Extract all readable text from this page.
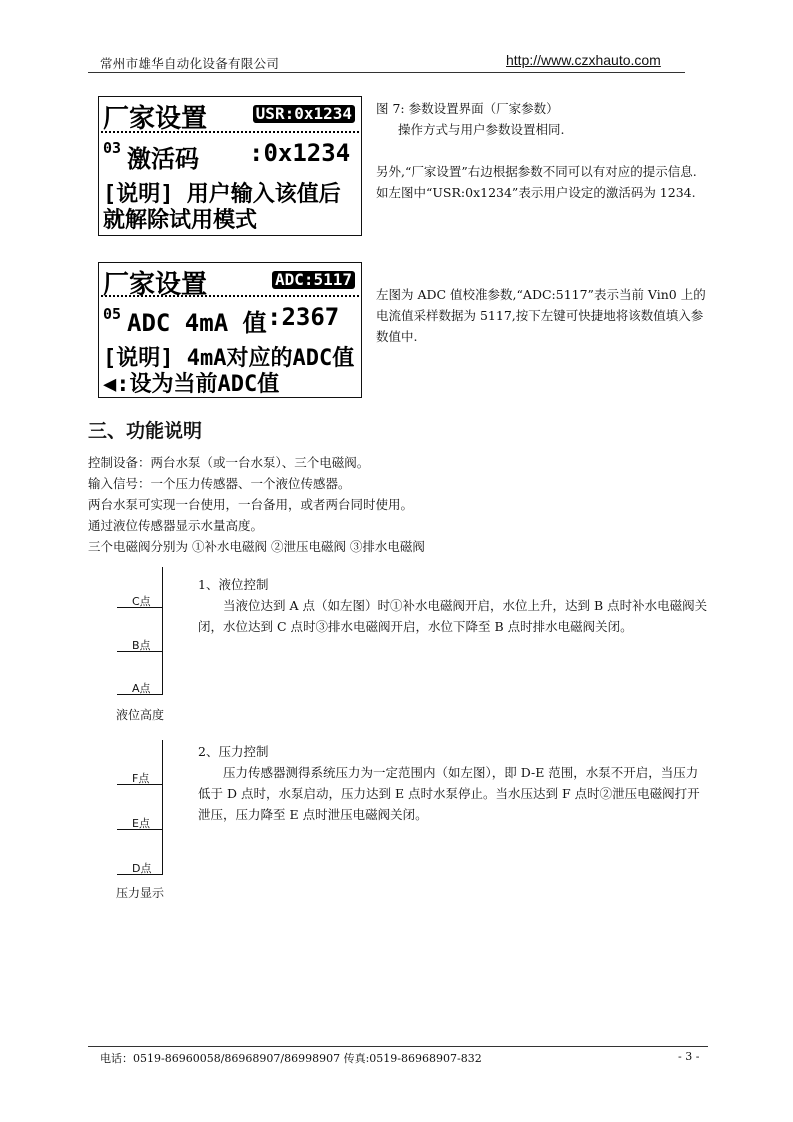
常州市雄华自动化设备有限公司	http://www.czxhauto.com
厂家设置	USR:0x1234
03 激活码 :0x1234
[说明] 用户输入该值后
就解除试用模式
厂家设置	ADC:5117
05 ADC 4mA 值 :2367
[说明] 4mA对应的ADC值
◀:设为当前ADC值
图 7: 参数设置界面（厂家参数）
操作方式与用户参数设置相同.
另外,“厂家设置”右边根据参数不同可以有对应的提示信息.如左图中“USR:0x1234”表示用户设定的激活码为 1234.
左图为 ADC 值校准参数,“ADC:5117”表示当前 Vin0 上的电流值采样数据为 5117,按下左键可快捷地将该数值填入参数值中.
三、功能说明
控制设备：两台水泵（或一台水泵）、三个电磁阀。
输入信号：一个压力传感器、一个液位传感器。
两台水泵可实现一台使用，一台备用，或者两台同时使用。
通过液位传感器显示水量高度。
三个电磁阀分别为 ①补水电磁阀 ②泄压电磁阀 ③排水电磁阀
C点
B点
A点
液位高度
1、液位控制
当液位达到 A 点（如左图）时①补水电磁阀开启，水位上升，达到 B 点时补水电磁阀关闭，水位达到 C 点时③排水电磁阀开启，水位下降至 B 点时排水电磁阀关闭。
F点
E点
D点
压力显示
2、压力控制
压力传感器测得系统压力为一定范围内（如左图），即 D-E 范围，水泵不开启，当压力低于 D 点时，水泵启动，压力达到 E 点时水泵停止。当水压达到 F 点时②泄压电磁阀打开泄压，压力降至 E 点时泄压电磁阀关闭。
电话：0519-86960058/86968907/86998907 传真:0519-86968907-832	- 3 -
